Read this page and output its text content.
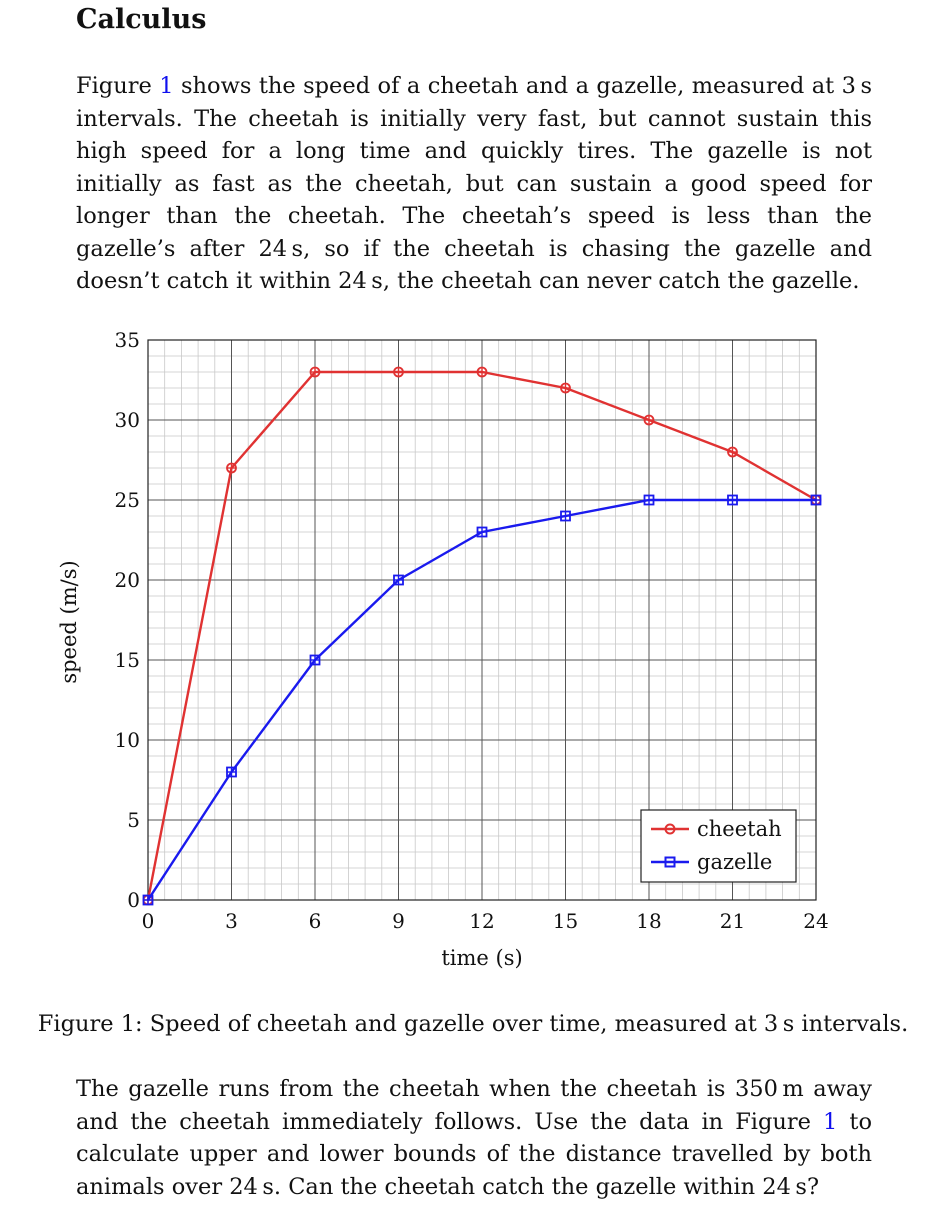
Calculus

Figure 1 shows the speed of a cheetah and a gazelle, measured at 3 s intervals. The cheetah is initially very fast, but cannot sustain this high speed for a long time and quickly tires. The gazelle is not initially as fast as the cheetah, but can sustain a good speed for longer than the cheetah. The cheetah’s speed is less than the gazelle’s after 24 s, so if the cheetah is chasing the gazelle and doesn’t catch it within 24 s, the cheetah can never catch the gazelle.

0	3	6	9	12	15	18	21	24
0
5
10
15
20
25
30
35
time (s)
speed (m/s)
cheetah
gazelle
Figure 1: Speed of cheetah and gazelle over time, measured at 3 s intervals.

The gazelle runs from the cheetah when the cheetah is 350 m away and the cheetah immediately follows. Use the data in Figure 1 to calculate upper and lower bounds of the distance travelled by both animals over 24 s. Can the cheetah catch the gazelle within 24 s?
